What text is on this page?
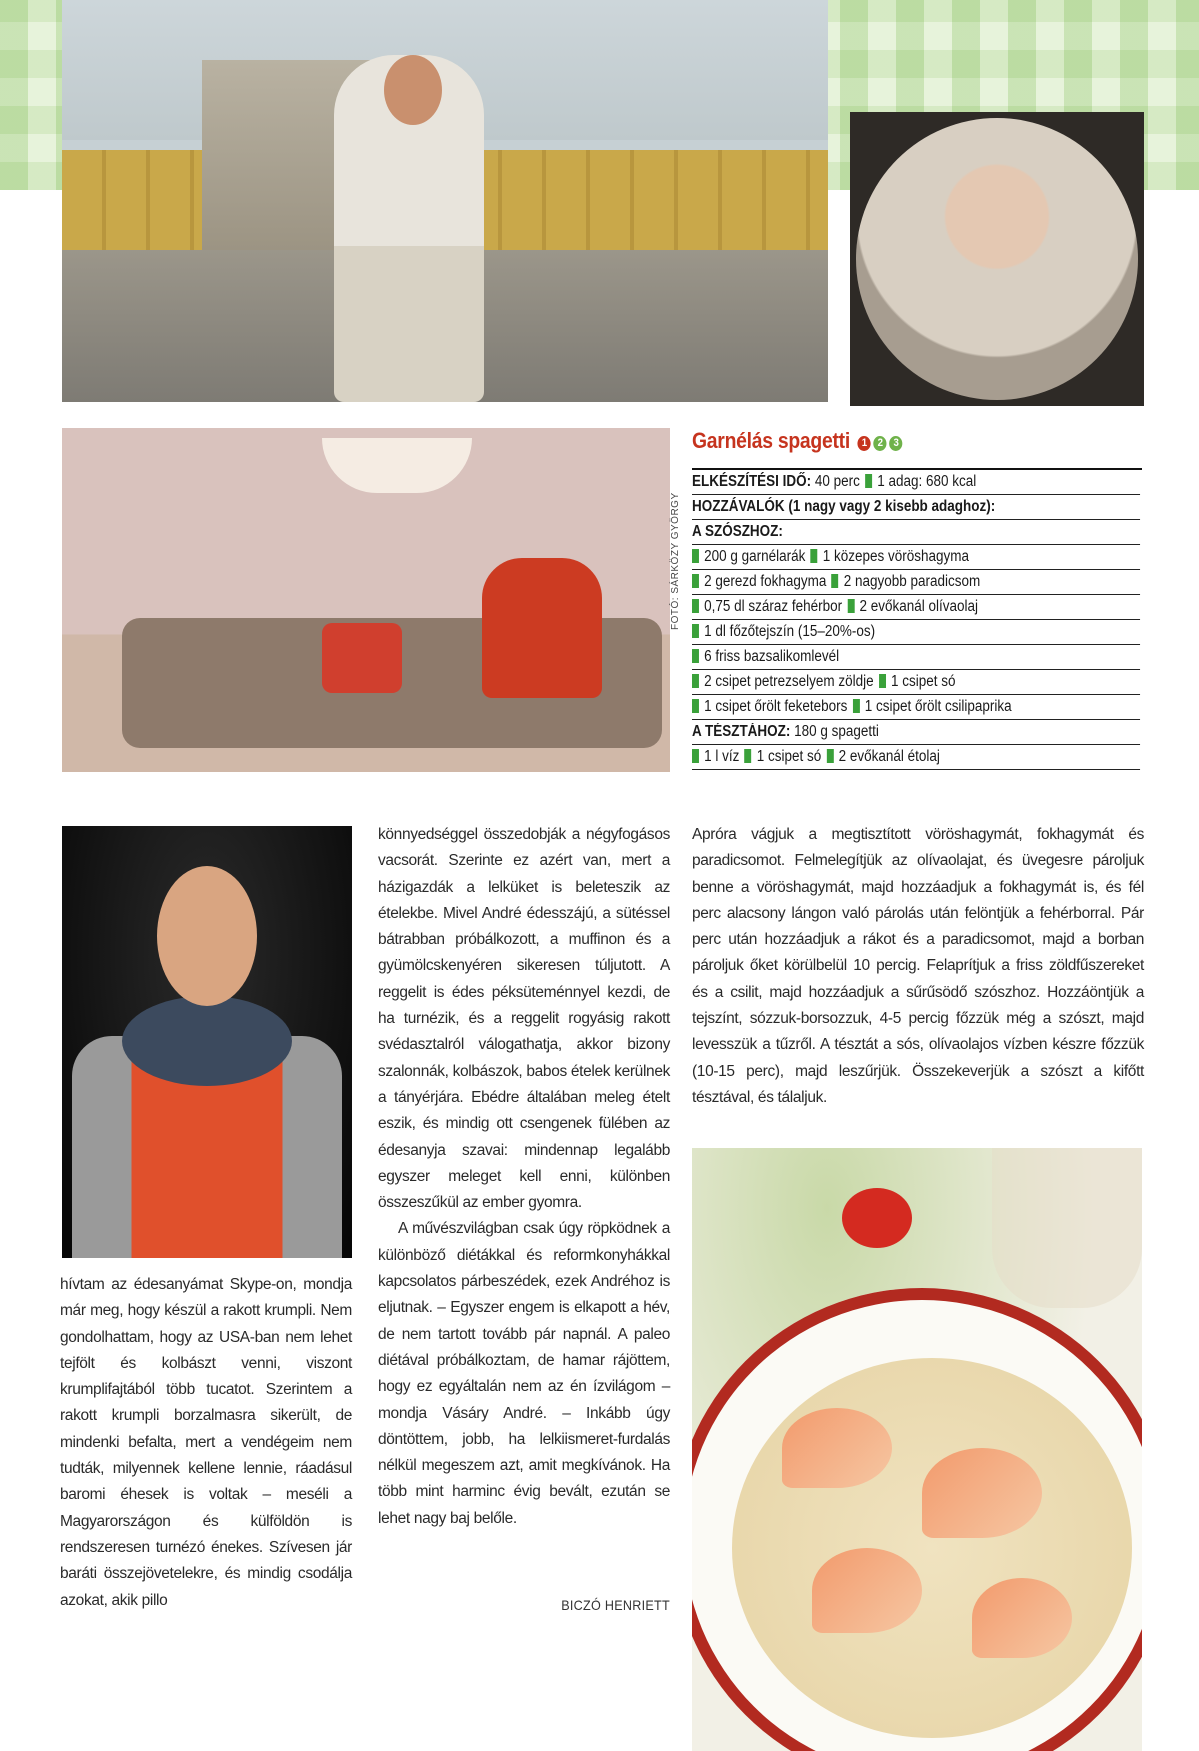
FOTÓ: SÁRKÖZY GYÖRGY
Garnélás spagetti 1 2 3
ELKÉSZÍTÉSI IDŐ: 40 perc 1 adag: 680 kcal
HOZZÁVALÓK (1 nagy vagy 2 kisebb adaghoz):
A SZÓSZHOZ:
200 g garnélarák 1 közepes vöröshagyma
2 gerezd fokhagyma 2 nagyobb paradicsom
0,75 dl száraz fehérbor 2 evőkanál olívaolaj
1 dl főzőtejszín (15–20%-os)
6 friss bazsalikomlevél
2 csipet petrezselyem zöldje 1 csipet só
1 csipet őrölt feketebors 1 csipet őrölt csilipaprika
A TÉSZTÁHOZ: 180 g spagetti
1 l víz 1 csipet só 2 evőkanál étolaj

hívtam az édesanyámat Skype-on, mondja már meg, hogy készül a rakott krumpli. Nem gondolhattam, hogy az USA-ban nem lehet tejfölt és kolbászt venni, viszont krumplifajtából több tucatot. Szerintem a rakott krumpli borzalmasra sikerült, de mindenki befalta, mert a vendégeim nem tudták, milyennek kellene lennie, ráadásul baromi éhesek is voltak – meséli a Magyarországon és külföldön is rendszeresen turnézó énekes. Szívesen jár baráti összejövetelekre, és mindig csodálja azokat, akik pillo

könnyedséggel összedobják a négyfogásos vacsorát. Szerinte ez azért van, mert a házigazdák a lelküket is beleteszik az ételekbe. Mivel André édesszájú, a sütéssel bátrabban próbálkozott, a muffinon és a gyümölcskenyéren sikeresen túljutott. A reggelit is édes péksüteménnyel kezdi, de ha turnézik, és a reggelit rogyásig rakott svédasztalról válogathatja, akkor bizony szalonnák, kolbászok, babos ételek kerülnek a tányérjára. Ebédre általában meleg ételt eszik, és mindig ott csengenek fülében az édesanyja szavai: mindennap legalább egyszer meleget kell enni, különben összeszűkül az ember gyomra.

A művészvilágban csak úgy röpködnek a különböző diétákkal és reformkonyhákkal kapcsolatos párbeszédek, ezek Andréhoz is eljutnak. – Egyszer engem is elkapott a hév, de nem tartott tovább pár napnál. A paleo diétával próbálkoztam, de hamar rájöttem, hogy ez egyáltalán nem az én ízvilágom – mondja Vásáry André. – Inkább úgy döntöttem, jobb, ha lelkiismeret-furdalás nélkül megeszem azt, amit megkívánok. Ha több mint harminc évig bevált, ezután se lehet nagy baj belőle.

BICZÓ HENRIETT

Apróra vágjuk a megtisztított vöröshagymát, fokhagymát és paradicsomot. Felmelegítjük az olívaolajat, és üvegesre pároljuk benne a vöröshagymát, majd hozzáadjuk a fokhagymát is, és fél perc alacsony lángon való párolás után felöntjük a fehérborral. Pár perc után hozzáadjuk a rákot és a paradicsomot, majd a borban pároljuk őket körülbelül 10 percig. Felaprítjuk a friss zöldfűszereket és a csilit, majd hozzáadjuk a sűrűsödő szószhoz. Hozzáöntjük a tejszínt, sózzuk-borsozzuk, 4-5 percig főzzük még a szószt, majd levesszük a tűzről. A tésztát a sós, olívaolajos vízben készre főzzük (10-15 perc), majd leszűrjük. Összekeverjük a szószt a kifőtt tésztával, és tálaljuk.
